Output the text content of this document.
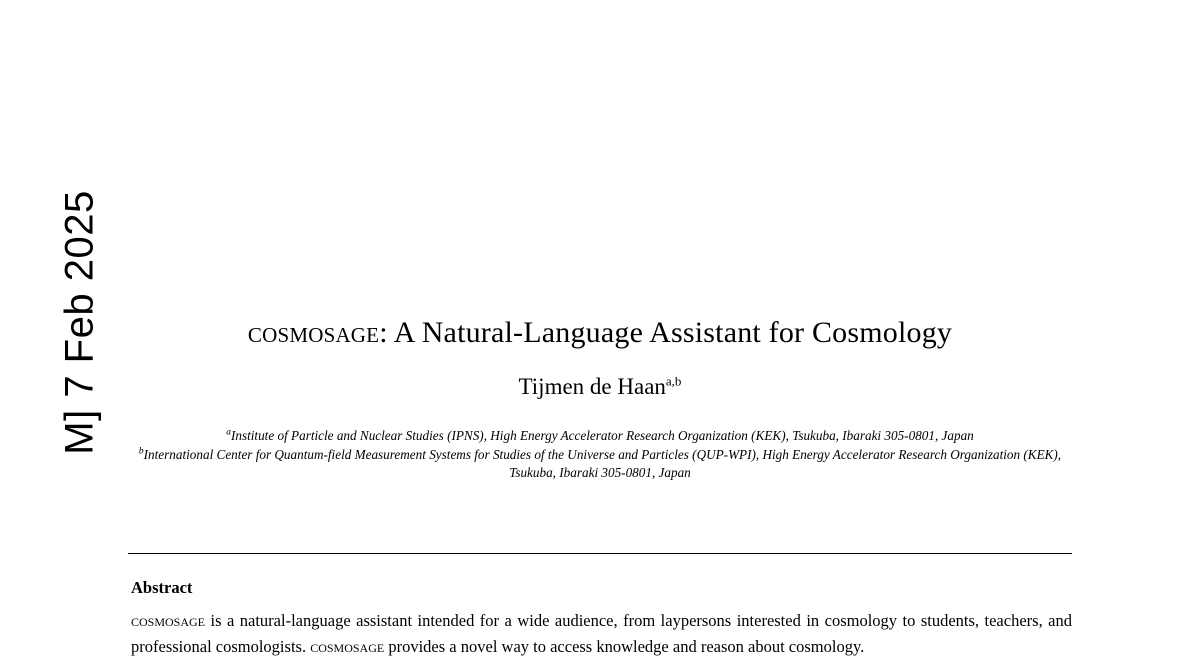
M] 7 Feb 2025	cosmosage: A Natural-Language Assistant for Cosmology
Tijmen de Haan$^{a,b}$
$^a$Institute of Particle and Nuclear Studies (IPNS), High Energy Accelerator Research Organization (KEK), Tsukuba, Ibaraki 305-0801, Japan
$^b$International Center for Quantum-field Measurement Systems for Studies of the Universe and Particles (QUP-WPI), High Energy Accelerator Research Organization (KEK), Tsukuba, Ibaraki 305-0801, Japan
Abstract
cosmosage is a natural-language assistant intended for a wide audience, from laypersons interested in cosmology to students, teachers, and professional cosmologists. cosmosage provides a novel way to access knowledge and reason about cosmology.
